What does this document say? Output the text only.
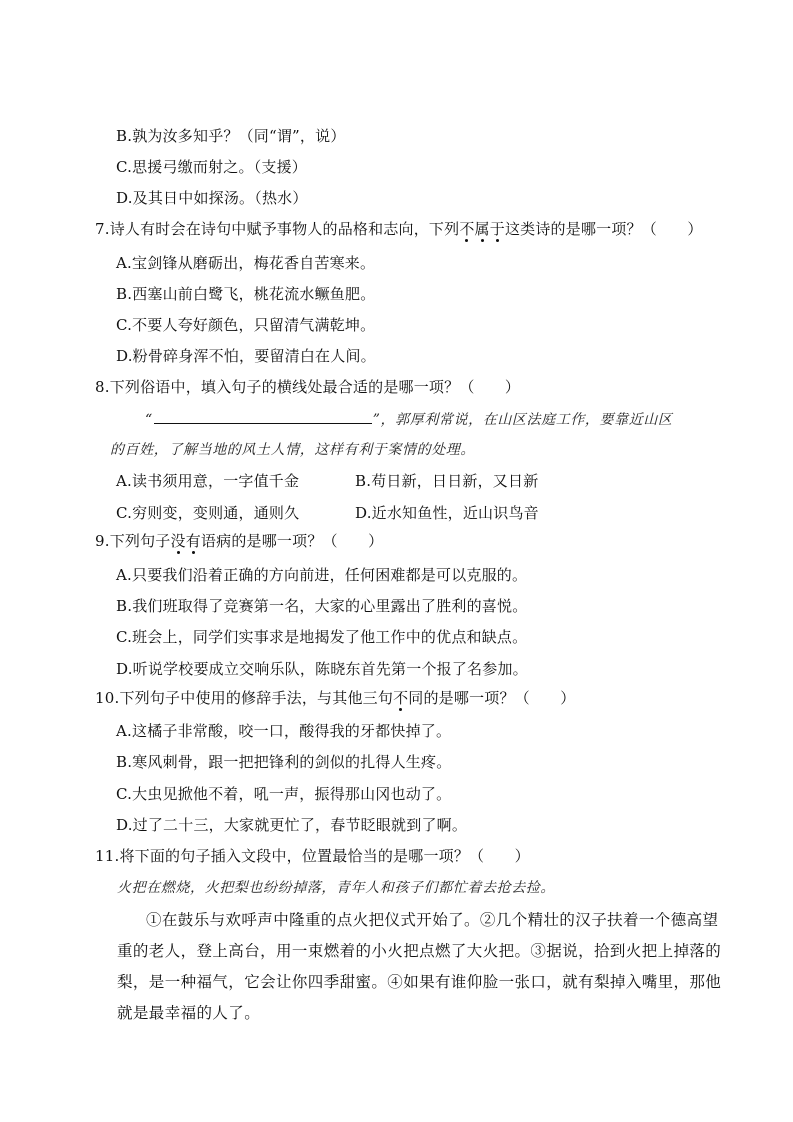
B.孰为汝多知乎？（同“谓”，说）
C.思援弓缴而射之。（支援）
D.及其日中如探汤。（热水）
7.诗人有时会在诗句中赋予事物人的品格和志向，下列不属于这类诗的是哪一项？（　　）
A.宝剑锋从磨砺出，梅花香自苦寒来。
B.西塞山前白鹭飞，桃花流水鳜鱼肥。
C.不要人夸好颜色，只留清气满乾坤。
D.粉骨碎身浑不怕，要留清白在人间。
8.下列俗语中，填入句子的横线处最合适的是哪一项？（　　）
“	”，郭厚利常说，在山区法庭工作，要靠近山区
的百姓，了解当地的风土人情，这样有利于案情的处理。
A.读书须用意，一字值千金	B.苟日新，日日新，又日新
C.穷则变，变则通，通则久	D.近水知鱼性，近山识鸟音
9.下列句子没有语病的是哪一项？（　　）
A.只要我们沿着正确的方向前进，任何困难都是可以克服的。
B.我们班取得了竞赛第一名，大家的心里露出了胜利的喜悦。
C.班会上，同学们实事求是地揭发了他工作中的优点和缺点。
D.听说学校要成立交响乐队，陈晓东首先第一个报了名参加。
10.下列句子中使用的修辞手法，与其他三句不同的是哪一项？（　　）
A.这橘子非常酸，咬一口，酸得我的牙都快掉了。
B.寒风刺骨，跟一把把锋利的剑似的扎得人生疼。
C.大虫见掀他不着，吼一声，振得那山冈也动了。
D.过了二十三，大家就更忙了，春节眨眼就到了啊。
11.将下面的句子插入文段中，位置最恰当的是哪一项？（　　）
火把在燃烧，火把梨也纷纷掉落，青年人和孩子们都忙着去抢去捡。
①在鼓乐与欢呼声中隆重的点火把仪式开始了。②几个精壮的汉子扶着一个德高望
重的老人，登上高台，用一束燃着的小火把点燃了大火把。③据说，拾到火把上掉落的
梨，是一种福气，它会让你四季甜蜜。④如果有谁仰脸一张口，就有梨掉入嘴里，那他
就是最幸福的人了。
